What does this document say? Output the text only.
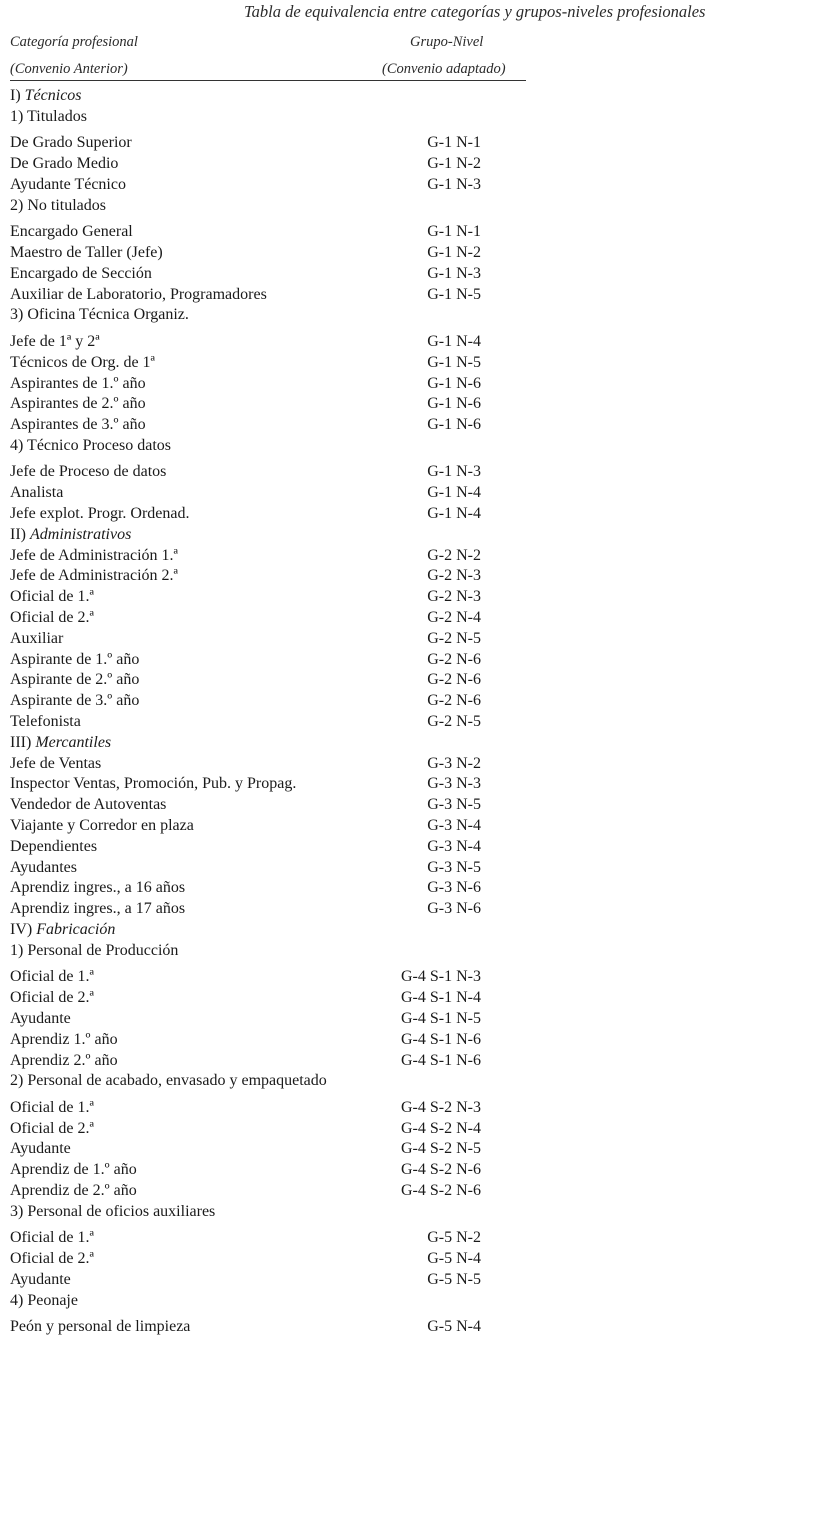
Tabla de equivalencia entre categorías y grupos-niveles profesionales
Categoría profesional
(Convenio Anterior)
Grupo-Nivel
(Convenio adaptado)
I) Técnicos
1) Titulados
De Grado Superior	G-1 N-1
De Grado Medio	G-1 N-2
Ayudante Técnico	G-1 N-3
2) No titulados
Encargado General	G-1 N-1
Maestro de Taller (Jefe)	G-1 N-2
Encargado de Sección	G-1 N-3
Auxiliar de Laboratorio, Programadores	G-1 N-5
3) Oficina Técnica Organiz.
Jefe de 1ª y 2ª	G-1 N-4
Técnicos de Org. de 1ª	G-1 N-5
Aspirantes de 1.º año	G-1 N-6
Aspirantes de 2.º año	G-1 N-6
Aspirantes de 3.º año	G-1 N-6
4) Técnico Proceso datos
Jefe de Proceso de datos	G-1 N-3
Analista	G-1 N-4
Jefe explot. Progr. Ordenad.	G-1 N-4
II) Administrativos
Jefe de Administración 1.ª	G-2 N-2
Jefe de Administración 2.ª	G-2 N-3
Oficial de 1.ª	G-2 N-3
Oficial de 2.ª	G-2 N-4
Auxiliar	G-2 N-5
Aspirante de 1.º año	G-2 N-6
Aspirante de 2.º año	G-2 N-6
Aspirante de 3.º año	G-2 N-6
Telefonista	G-2 N-5
III) Mercantiles
Jefe de Ventas	G-3 N-2
Inspector Ventas, Promoción, Pub. y Propag.	G-3 N-3
Vendedor de Autoventas	G-3 N-5
Viajante y Corredor en plaza	G-3 N-4
Dependientes	G-3 N-4
Ayudantes	G-3 N-5
Aprendiz ingres., a 16 años	G-3 N-6
Aprendiz ingres., a 17 años	G-3 N-6
IV) Fabricación
1) Personal de Producción
Oficial de 1.ª	G-4 S-1 N-3
Oficial de 2.ª	G-4 S-1 N-4
Ayudante	G-4 S-1 N-5
Aprendiz 1.º año	G-4 S-1 N-6
Aprendiz 2.º año	G-4 S-1 N-6
2) Personal de acabado, envasado y empaquetado
Oficial de 1.ª	G-4 S-2 N-3
Oficial de 2.ª	G-4 S-2 N-4
Ayudante	G-4 S-2 N-5
Aprendiz de 1.º año	G-4 S-2 N-6
Aprendiz de 2.º año	G-4 S-2 N-6
3) Personal de oficios auxiliares
Oficial de 1.ª	G-5 N-2
Oficial de 2.ª	G-5 N-4
Ayudante	G-5 N-5
4) Peonaje
Peón y personal de limpieza	G-5 N-4
